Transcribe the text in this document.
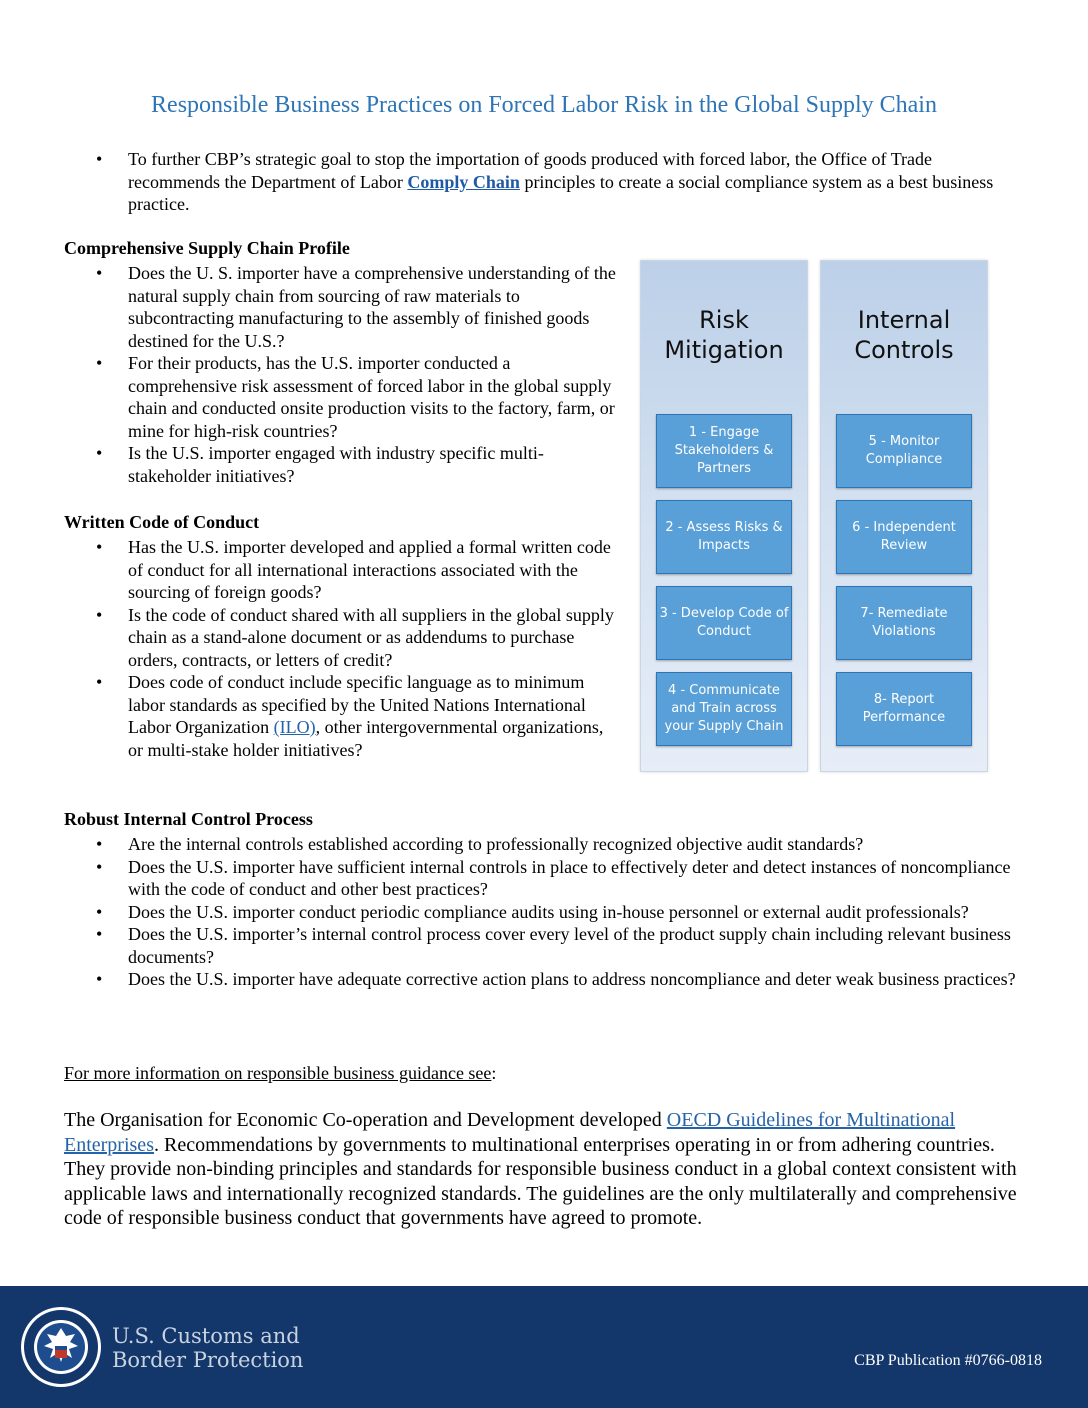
Responsible Business Practices on Forced Labor Risk in the Global Supply Chain
• To further CBP’s strategic goal to stop the importation of goods produced with forced labor, the Office of Trade recommends the Department of Labor Comply Chain principles to create a social compliance system as a best business practice.
Comprehensive Supply Chain Profile
• Does the U. S. importer have a comprehensive understanding of the natural supply chain from sourcing of raw materials to subcontracting manufacturing to the assembly of finished goods destined for the U.S.?
• For their products, has the U.S. importer conducted a comprehensive risk assessment of forced labor in the global supply chain and conducted onsite production visits to the factory, farm, or mine for high-risk countries?
• Is the U.S. importer engaged with industry specific multi-stakeholder initiatives?
Written Code of Conduct
• Has the U.S. importer developed and applied a formal written code of conduct for all international interactions associated with the sourcing of foreign goods?
• Is the code of conduct shared with all suppliers in the global supply chain as a stand-alone document or as addendums to purchase orders, contracts, or letters of credit?
• Does code of conduct include specific language as to minimum labor standards as specified by the United Nations International Labor Organization (ILO), other intergovernmental organizations, or multi-stake holder initiatives?
Robust Internal Control Process
• Are the internal controls established according to professionally recognized objective audit standards?
• Does the U.S. importer have sufficient internal controls in place to effectively deter and detect instances of noncompliance with the code of conduct and other best practices?
• Does the U.S. importer conduct periodic compliance audits using in-house personnel or external audit professionals?
• Does the U.S. importer’s internal control process cover every level of the product supply chain including relevant business documents?
• Does the U.S. importer have adequate corrective action plans to address noncompliance and deter weak business practices?
For more information on responsible business guidance see:
The Organisation for Economic Co-operation and Development developed OECD Guidelines for Multinational Enterprises. Recommendations by governments to multinational enterprises operating in or from adhering countries. They provide non-binding principles and standards for responsible business conduct in a global context consistent with applicable laws and internationally recognized standards. The guidelines are the only multilaterally and comprehensive code of responsible business conduct that governments have agreed to promote.
Risk Mitigation
1 - Engage Stakeholders & Partners
2 - Assess Risks & Impacts
3 - Develop Code of Conduct
4 - Communicate and Train across your Supply Chain
Internal Controls
5 - Monitor Compliance
6 - Independent Review
7- Remediate Violations
8- Report Performance
U.S. Customs and
Border Protection	CBP Publication #0766-0818
